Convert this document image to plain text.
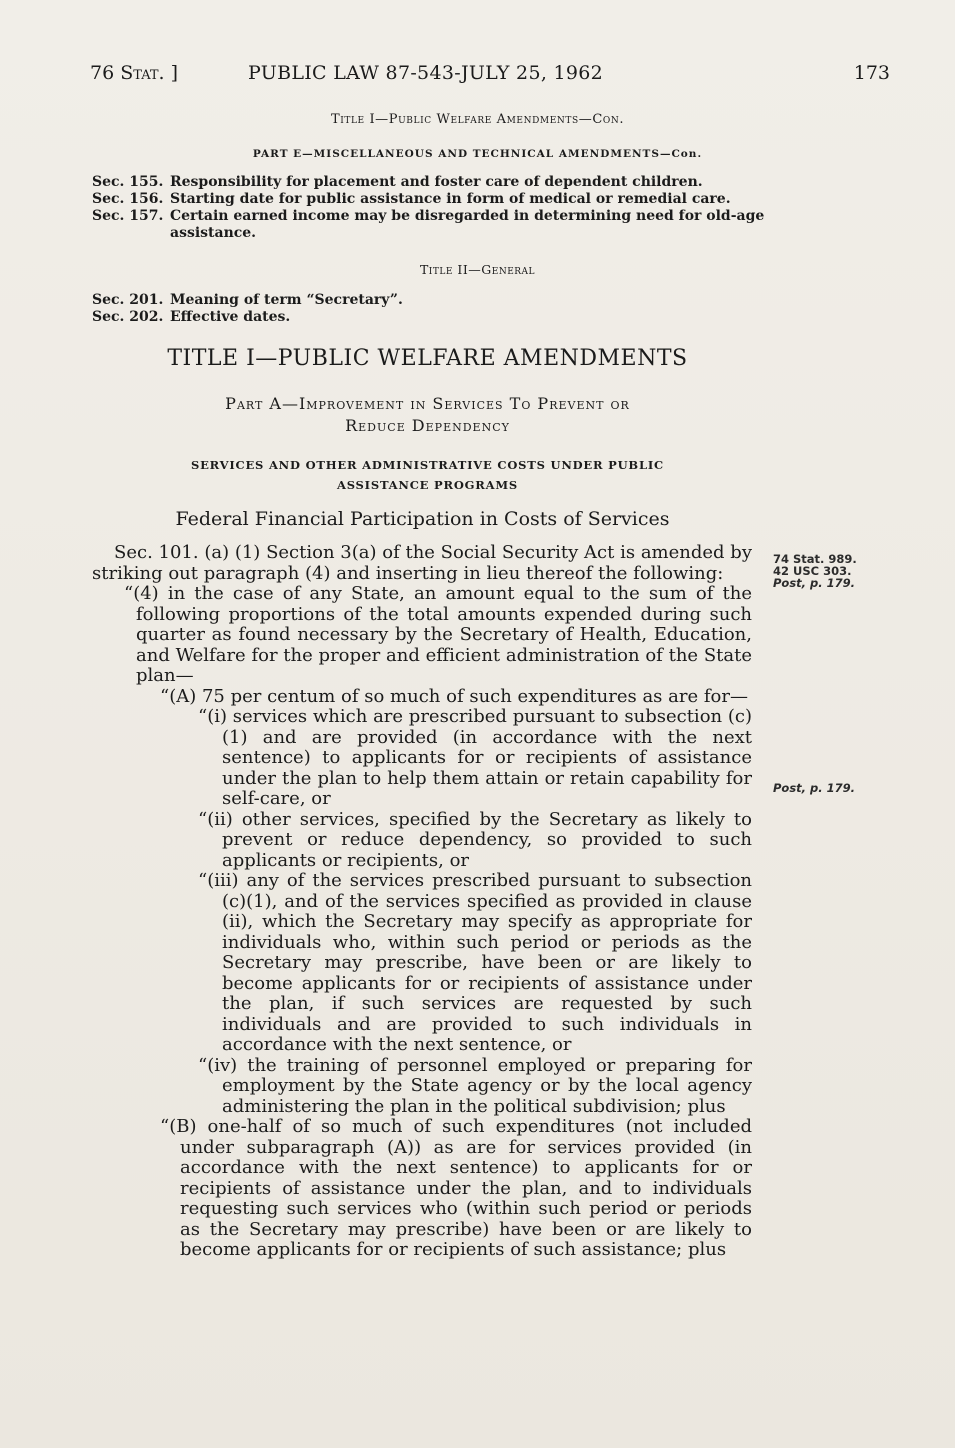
76 Stat. ]	PUBLIC LAW 87-543-JULY 25, 1962	173
Title I—Public Welfare Amendments—Con.
PART E—MISCELLANEOUS AND TECHNICAL AMENDMENTS—Con.
Sec. 155. Responsibility for placement and foster care of dependent children.
Sec. 156. Starting date for public assistance in form of medical or remedial care.
Sec. 157. Certain earned income may be disregarded in determining need for old-age assistance.
Title II—General
Sec. 201. Meaning of term “Secretary”.
Sec. 202. Effective dates.
TITLE I—PUBLIC WELFARE AMENDMENTS
Part A—Improvement in Services To Prevent or
Reduce Dependency
SERVICES AND OTHER ADMINISTRATIVE COSTS UNDER PUBLIC
ASSISTANCE PROGRAMS
Federal Financial Participation in Costs of Services

Sec. 101. (a) (1) Section 3(a) of the Social Security Act is amended by striking out paragraph (4) and inserting in lieu thereof the following:

“(4) in the case of any State, an amount equal to the sum of the following proportions of the total amounts expended during such quarter as found necessary by the Secretary of Health, Education, and Welfare for the proper and efficient administration of the State plan—

“(A) 75 per centum of so much of such expenditures as are for—

“(i) services which are prescribed pursuant to subsection (c)(1) and are provided (in accordance with the next sentence) to applicants for or recipients of assistance under the plan to help them attain or retain capability for self-care, or

“(ii) other services, specified by the Secretary as likely to prevent or reduce dependency, so provided to such applicants or recipients, or

“(iii) any of the services prescribed pursuant to subsection (c)(1), and of the services specified as provided in clause (ii), which the Secretary may specify as appropriate for individuals who, within such period or periods as the Secretary may prescribe, have been or are likely to become applicants for or recipients of assistance under the plan, if such services are requested by such individuals and are provided to such individuals in accordance with the next sentence, or

“(iv) the training of personnel employed or preparing for employment by the State agency or by the local agency administering the plan in the political subdivision; plus

“(B) one-half of so much of such expenditures (not included under subparagraph (A)) as are for services provided (in accordance with the next sentence) to applicants for or recipients of assistance under the plan, and to individuals requesting such services who (within such period or periods as the Secretary may prescribe) have been or are likely to become applicants for or recipients of such assistance; plus

74 Stat. 989.
42 USC 303.
Post, p. 179.
Post, p. 179.
